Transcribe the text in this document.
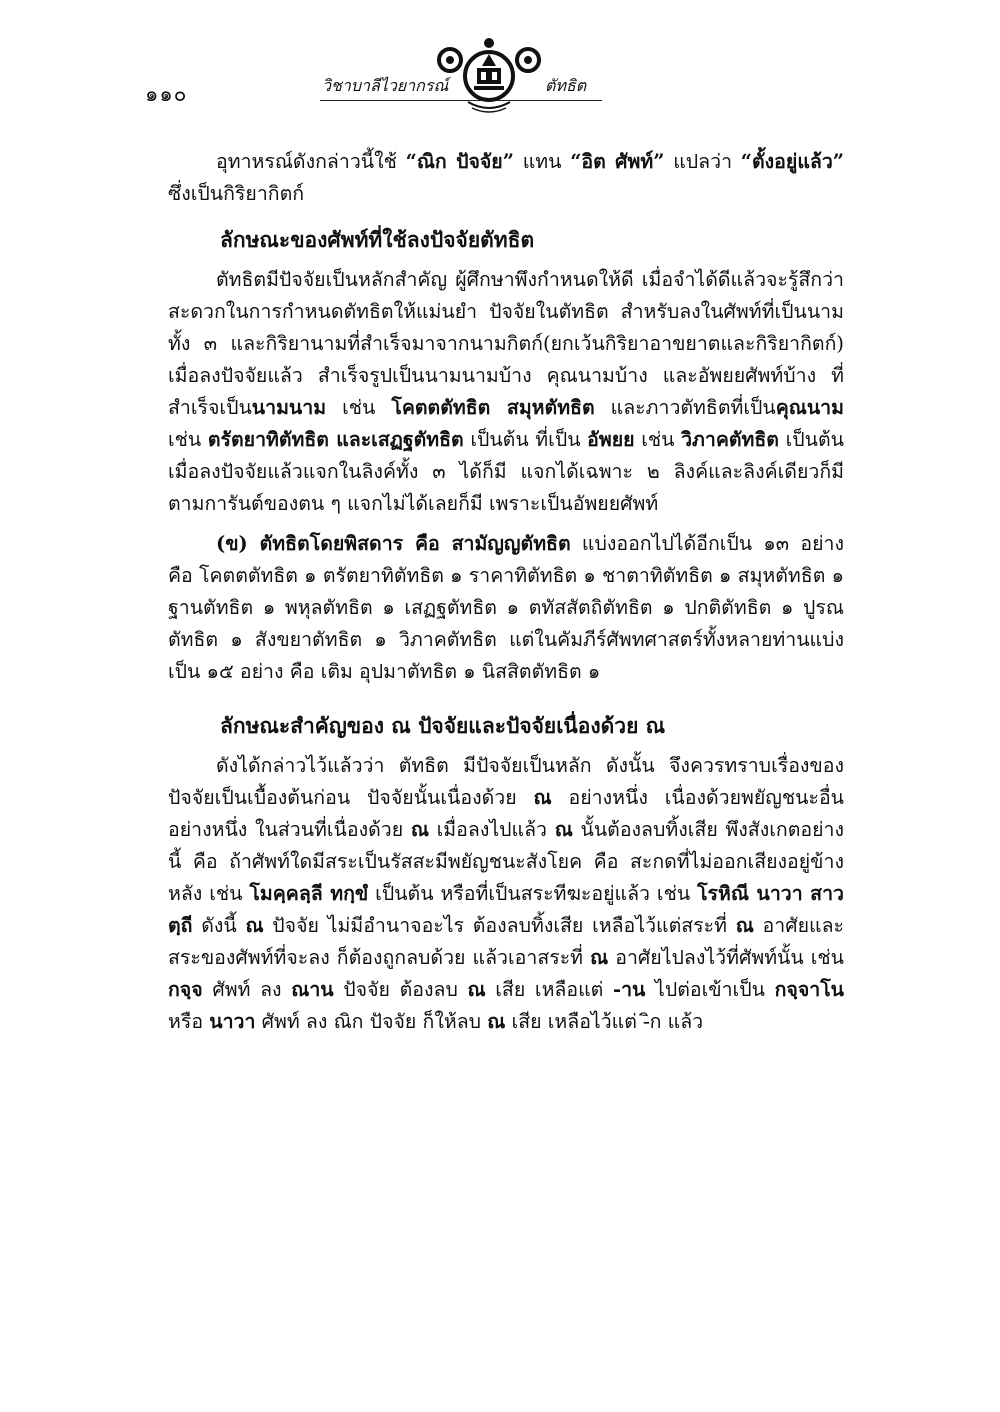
๑๑๐	วิชาบาลีไวยากรณ์	ตัทธิต

อุทาหรณ์ดังกล่าวนี้ใช้ “ณิก ปัจจัย” แทน “อิต ศัพท์” แปลว่า “ตั้งอยู่แล้ว” ซึ่งเป็นกิริยากิตก์

ลักษณะของศัพท์ที่ใช้ลงปัจจัยตัทธิต

ตัทธิตมีปัจจัยเป็นหลักสำคัญ ผู้ศึกษาพึงกำหนดให้ดี เมื่อจำได้ดีแล้วจะรู้สึกว่าสะดวกในการกำหนดตัทธิตให้แม่นยำ ปัจจัยในตัทธิต สำหรับลงในศัพท์ที่เป็นนามทั้ง ๓ และกิริยานามที่สำเร็จมาจากนามกิตก์(ยกเว้นกิริยาอาขยาตและกิริยากิตก์) เมื่อลงปัจจัยแล้ว สำเร็จรูปเป็นนามนามบ้าง คุณนามบ้าง และอัพยยศัพท์บ้าง ที่สำเร็จเป็นนามนาม เช่น โคตตตัทธิต สมุหตัทธิต และภาวตัทธิตที่เป็นคุณนาม เช่น ตรัตยาทิตัทธิต และเสฏฐตัทธิต เป็นต้น ที่เป็น อัพยย เช่น วิภาคตัทธิต เป็นต้น เมื่อลงปัจจัยแล้วแจกในลิงค์ทั้ง ๓ ได้ก็มี แจกได้เฉพาะ ๒ ลิงค์และลิงค์เดียวก็มี ตามการันต์ของตน ๆ แจกไม่ได้เลยก็มี เพราะเป็นอัพยยศัพท์

(ข) ตัทธิตโดยพิสดาร คือ สามัญญตัทธิต แบ่งออกไปได้อีกเป็น ๑๓ อย่าง คือ โคตตตัทธิต ๑ ตรัตยาทิตัทธิต ๑ ราคาทิตัทธิต ๑ ชาตาทิตัทธิต ๑ สมุหตัทธิต ๑ ฐานตัทธิต ๑ พหุลตัทธิต ๑ เสฏฐตัทธิต ๑ ตทัสสัตถิตัทธิต ๑ ปกติตัทธิต ๑ ปูรณตัทธิต ๑ สังขยาตัทธิต ๑ วิภาคตัทธิต แต่ในคัมภีร์ศัพทศาสตร์ทั้งหลายท่านแบ่งเป็น ๑๕ อย่าง คือ เติม อุปมาตัทธิต ๑ นิสสิตตัทธิต ๑

ลักษณะสำคัญของ ณ ปัจจัยและปัจจัยเนื่องด้วย ณ

ดังได้กล่าวไว้แล้วว่า ตัทธิต มีปัจจัยเป็นหลัก ดังนั้น จึงควรทราบเรื่องของปัจจัยเป็นเบื้องต้นก่อน ปัจจัยนั้นเนื่องด้วย ณ อย่างหนึ่ง เนื่องด้วยพยัญชนะอื่นอย่างหนึ่ง ในส่วนที่เนื่องด้วย ณ เมื่อลงไปแล้ว ณ นั้นต้องลบทิ้งเสีย พึงสังเกตอย่างนี้ คือ ถ้าศัพท์ใดมีสระเป็นรัสสะมีพยัญชนะสังโยค คือ สะกดที่ไม่ออกเสียงอยู่ข้างหลัง เช่น โมคฺคลฺลี ทกฺขํ เป็นต้น หรือที่เป็นสระทีฆะอยู่แล้ว เช่น โรหิณี นาวา สาวตฺถี ดังนี้ ณ ปัจจัย ไม่มีอำนาจอะไร ต้องลบทิ้งเสีย เหลือไว้แต่สระที่ ณ อาศัยและสระของศัพท์ที่จะลง ก็ต้องถูกลบด้วย แล้วเอาสระที่ ณ อาศัยไปลงไว้ที่ศัพท์นั้น เช่น กจฺจ ศัพท์ ลง ณาน ปัจจัย ต้องลบ ณ เสีย เหลือแต่ -าน ไปต่อเข้าเป็น กจฺจาโน หรือ นาวา ศัพท์ ลง ณิก ปัจจัย ก็ให้ลบ ณ เสีย เหลือไว้แต่ -ิก แล้ว
